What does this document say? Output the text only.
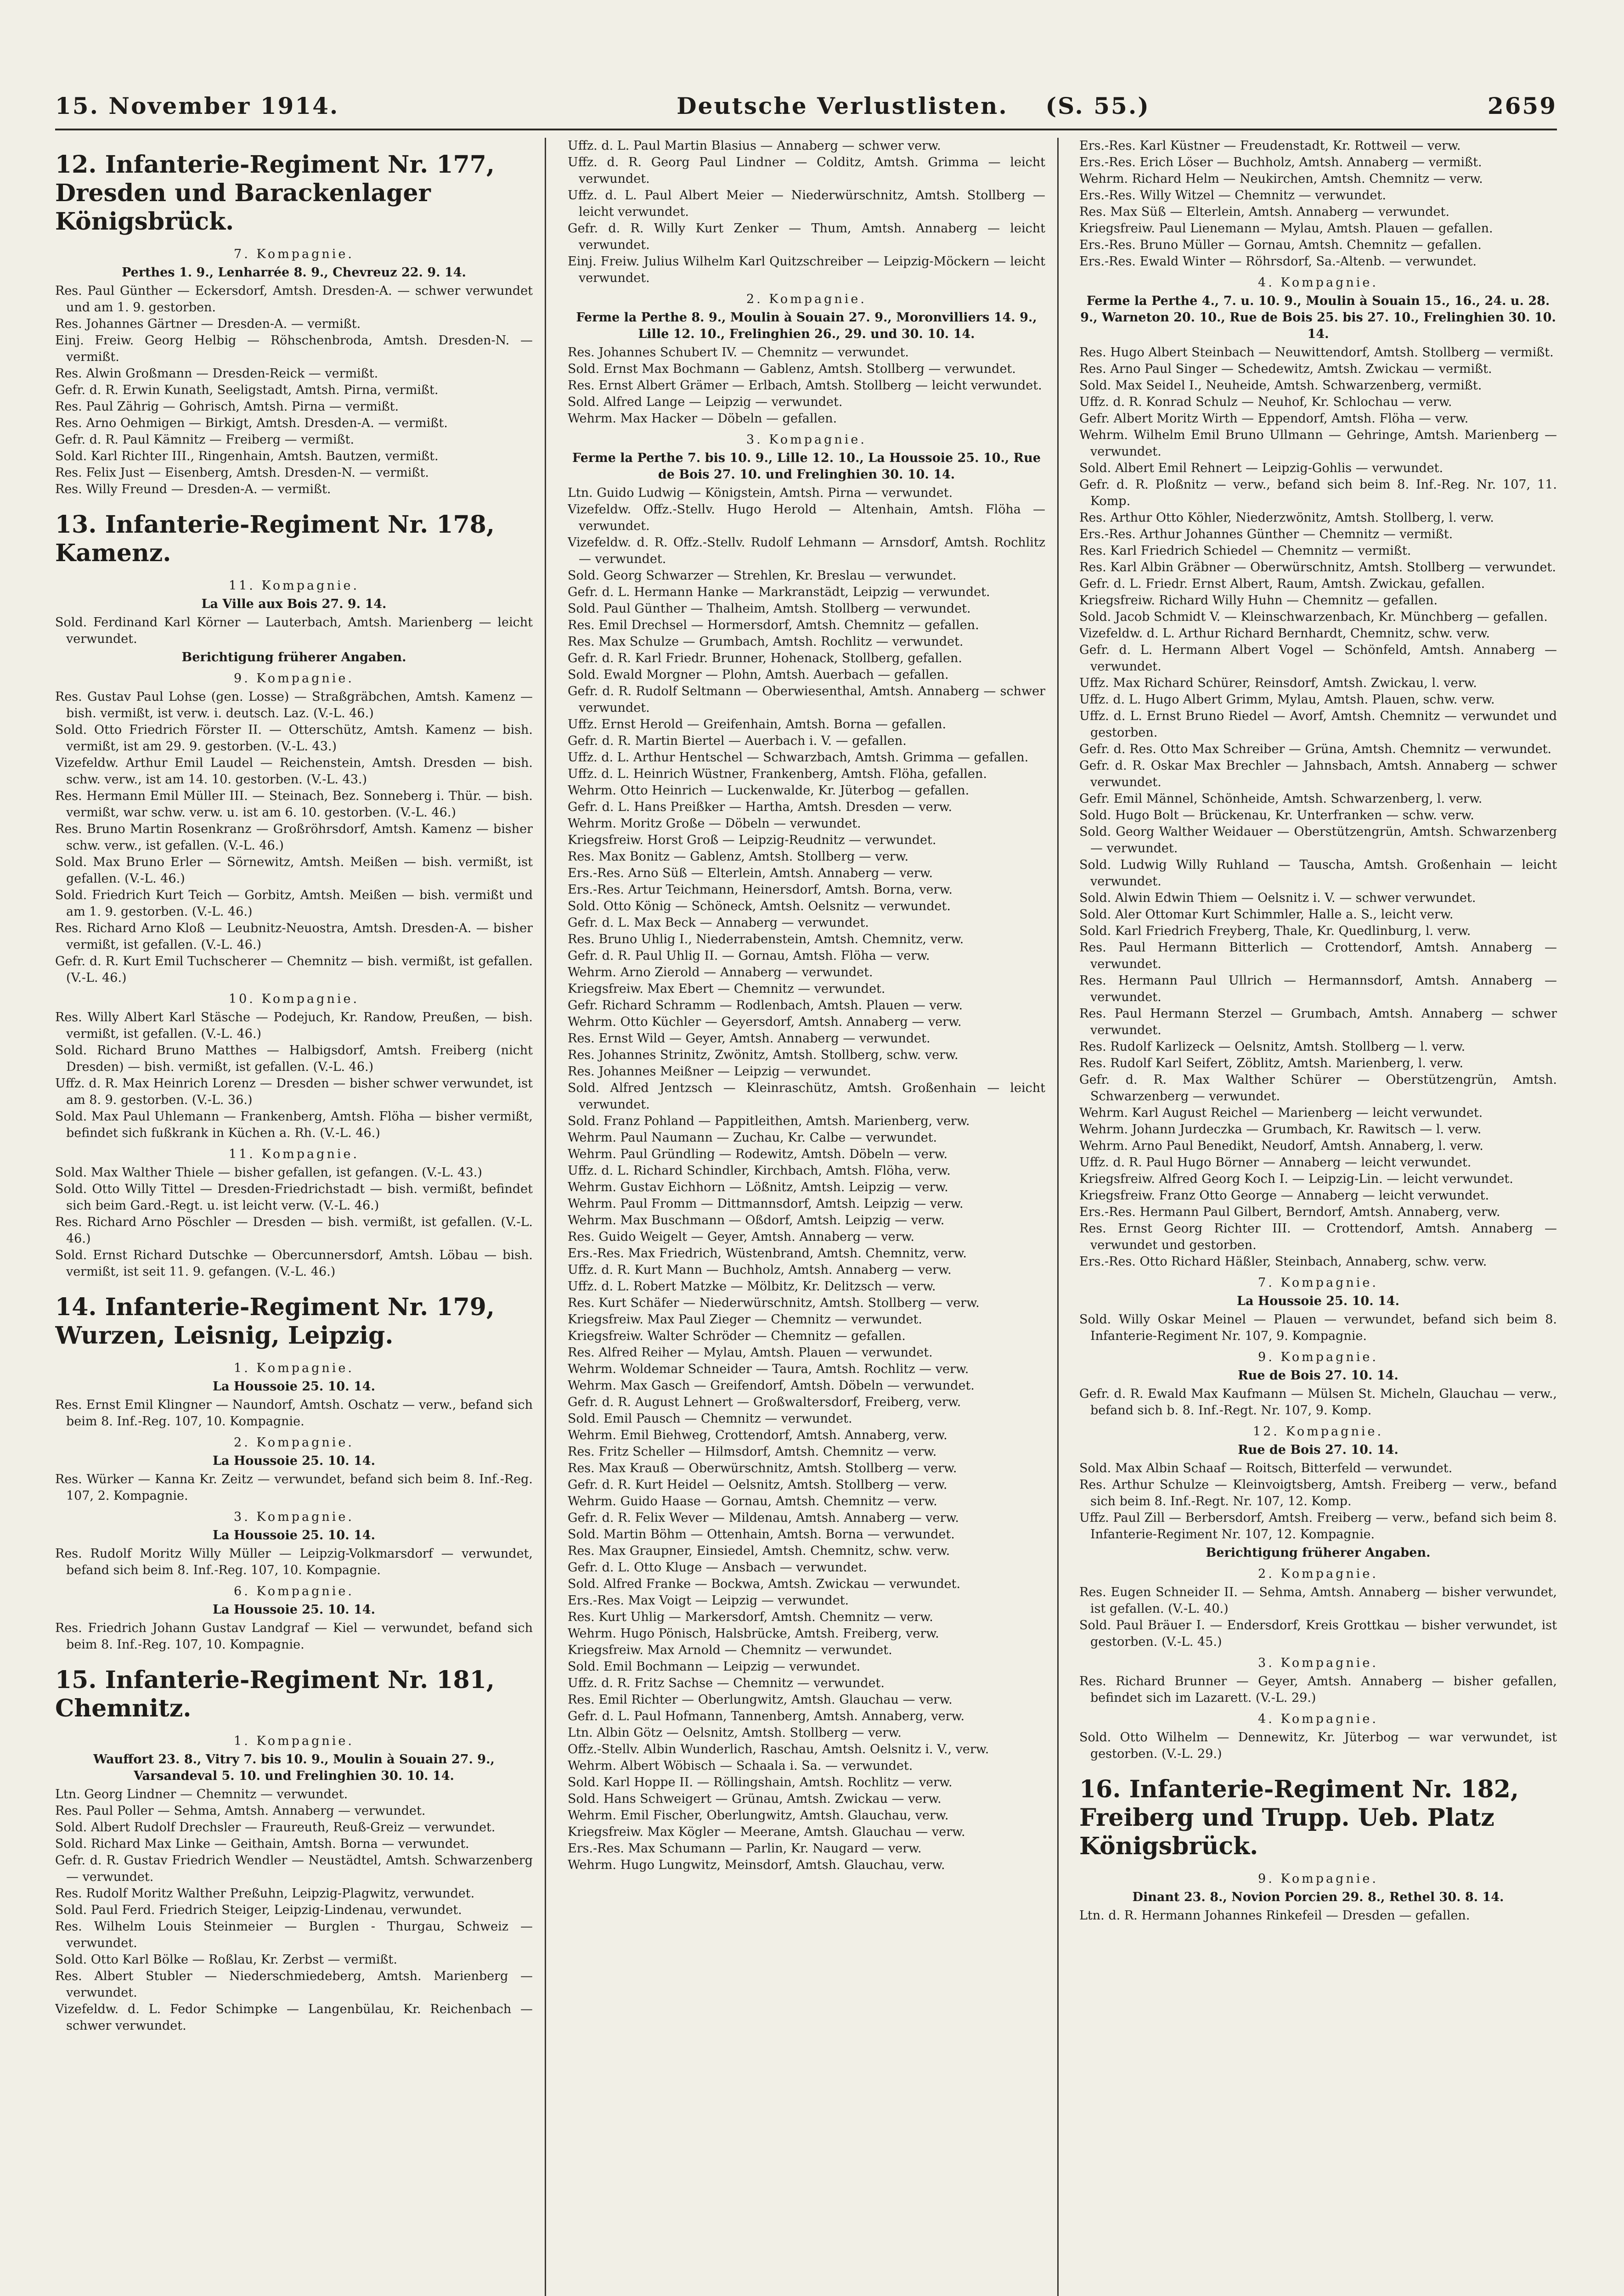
15. November 1914.	Deutsche Verlustlisten. (S. 55.)	2659
12. Infanterie-Regiment Nr. 177, Dresden und Barackenlager Königsbrück.
7. Kompagnie.
Perthes 1. 9., Lenharrée 8. 9., Chevreuz 22. 9. 14.
Res. Paul Günther — Eckersdorf, Amtsh. Dresden-A. — schwer verwundet und am 1. 9. gestorben.
Res. Johannes Gärtner — Dresden-A. — vermißt.
Einj. Freiw. Georg Helbig — Röhschenbroda, Amtsh. Dresden-N. — vermißt.
Res. Alwin Großmann — Dresden-Reick — vermißt.
Gefr. d. R. Erwin Kunath, Seeligstadt, Amtsh. Pirna, vermißt.
Res. Paul Zährig — Gohrisch, Amtsh. Pirna — vermißt.
Res. Arno Oehmigen — Birkigt, Amtsh. Dresden-A. — vermißt.
Gefr. d. R. Paul Kämnitz — Freiberg — vermißt.
Sold. Karl Richter III., Ringenhain, Amtsh. Bautzen, vermißt.
Res. Felix Just — Eisenberg, Amtsh. Dresden-N. — vermißt.
Res. Willy Freund — Dresden-A. — vermißt.
13. Infanterie-Regiment Nr. 178, Kamenz.
11. Kompagnie.
La Ville aux Bois 27. 9. 14.
Sold. Ferdinand Karl Körner — Lauterbach, Amtsh. Marienberg — leicht verwundet.
Berichtigung früherer Angaben.
9. Kompagnie.
Res. Gustav Paul Lohse (gen. Losse) — Straßgräbchen, Amtsh. Kamenz — bish. vermißt, ist verw. i. deutsch. Laz. (V.-L. 46.)
Sold. Otto Friedrich Förster II. — Otterschütz, Amtsh. Kamenz — bish. vermißt, ist am 29. 9. gestorben. (V.-L. 43.)
Vizefeldw. Arthur Emil Laudel — Reichenstein, Amtsh. Dresden — bish. schw. verw., ist am 14. 10. gestorben. (V.-L. 43.)
Res. Hermann Emil Müller III. — Steinach, Bez. Sonneberg i. Thür. — bish. vermißt, war schw. verw. u. ist am 6. 10. gestorben. (V.-L. 46.)
Res. Bruno Martin Rosenkranz — Großröhrsdorf, Amtsh. Kamenz — bisher schw. verw., ist gefallen. (V.-L. 46.)
Sold. Max Bruno Erler — Sörnewitz, Amtsh. Meißen — bish. vermißt, ist gefallen. (V.-L. 46.)
Sold. Friedrich Kurt Teich — Gorbitz, Amtsh. Meißen — bish. vermißt und am 1. 9. gestorben. (V.-L. 46.)
Res. Richard Arno Kloß — Leubnitz-Neuostra, Amtsh. Dresden-A. — bisher vermißt, ist gefallen. (V.-L. 46.)
Gefr. d. R. Kurt Emil Tuchscherer — Chemnitz — bish. vermißt, ist gefallen. (V.-L. 46.)
10. Kompagnie.
Res. Willy Albert Karl Stäsche — Podejuch, Kr. Randow, Preußen, — bish. vermißt, ist gefallen. (V.-L. 46.)
Sold. Richard Bruno Matthes — Halbigsdorf, Amtsh. Freiberg (nicht Dresden) — bish. vermißt, ist gefallen. (V.-L. 46.)
Uffz. d. R. Max Heinrich Lorenz — Dresden — bisher schwer verwundet, ist am 8. 9. gestorben. (V.-L. 36.)
Sold. Max Paul Uhlemann — Frankenberg, Amtsh. Flöha — bisher vermißt, befindet sich fußkrank in Küchen a. Rh. (V.-L. 46.)
11. Kompagnie.
Sold. Max Walther Thiele — bisher gefallen, ist gefangen. (V.-L. 43.)
Sold. Otto Willy Tittel — Dresden-Friedrichstadt — bish. vermißt, befindet sich beim Gard.-Regt. u. ist leicht verw. (V.-L. 46.)
Res. Richard Arno Pöschler — Dresden — bish. vermißt, ist gefallen. (V.-L. 46.)
Sold. Ernst Richard Dutschke — Obercunnersdorf, Amtsh. Löbau — bish. vermißt, ist seit 11. 9. gefangen. (V.-L. 46.)
14. Infanterie-Regiment Nr. 179, Wurzen, Leisnig, Leipzig.
1. Kompagnie.
La Houssoie 25. 10. 14.
Res. Ernst Emil Klingner — Naundorf, Amtsh. Oschatz — verw., befand sich beim 8. Inf.-Reg. 107, 10. Kompagnie.
2. Kompagnie.
La Houssoie 25. 10. 14.
Res. Würker — Kanna Kr. Zeitz — verwundet, befand sich beim 8. Inf.-Reg. 107, 2. Kompagnie.
3. Kompagnie.
La Houssoie 25. 10. 14.
Res. Rudolf Moritz Willy Müller — Leipzig-Volkmarsdorf — verwundet, befand sich beim 8. Inf.-Reg. 107, 10. Kompagnie.
6. Kompagnie.
La Houssoie 25. 10. 14.
Res. Friedrich Johann Gustav Landgraf — Kiel — verwundet, befand sich beim 8. Inf.-Reg. 107, 10. Kompagnie.
15. Infanterie-Regiment Nr. 181, Chemnitz.
1. Kompagnie.
Wauffort 23. 8., Vitry 7. bis 10. 9., Moulin à Souain 27. 9., Varsandeval 5. 10. und Frelinghien 30. 10. 14.
Ltn. Georg Lindner — Chemnitz — verwundet.
Res. Paul Poller — Sehma, Amtsh. Annaberg — verwundet.
Sold. Albert Rudolf Drechsler — Fraureuth, Reuß-Greiz — verwundet.
Sold. Richard Max Linke — Geithain, Amtsh. Borna — verwundet.
Gefr. d. R. Gustav Friedrich Wendler — Neustädtel, Amtsh. Schwarzenberg — verwundet.
Res. Rudolf Moritz Walther Preßuhn, Leipzig-Plagwitz, verwundet.
Sold. Paul Ferd. Friedrich Steiger, Leipzig-Lindenau, verwundet.
Res. Wilhelm Louis Steinmeier — Burglen - Thurgau, Schweiz — verwundet.
Sold. Otto Karl Bölke — Roßlau, Kr. Zerbst — vermißt.
Res. Albert Stubler — Niederschmiedeberg, Amtsh. Marienberg — verwundet.
Vizefeldw. d. L. Fedor Schimpke — Langenbülau, Kr. Reichenbach — schwer verwundet.
Uffz. d. L. Paul Martin Blasius — Annaberg — schwer verw.
Uffz. d. R. Georg Paul Lindner — Colditz, Amtsh. Grimma — leicht verwundet.
Uffz. d. L. Paul Albert Meier — Niederwürschnitz, Amtsh. Stollberg — leicht verwundet.
Gefr. d. R. Willy Kurt Zenker — Thum, Amtsh. Annaberg — leicht verwundet.
Einj. Freiw. Julius Wilhelm Karl Quitzschreiber — Leipzig-Möckern — leicht verwundet.
2. Kompagnie.
Ferme la Perthe 8. 9., Moulin à Souain 27. 9., Moronvilliers 14. 9., Lille 12. 10., Frelinghien 26., 29. und 30. 10. 14.
Res. Johannes Schubert IV. — Chemnitz — verwundet.
Sold. Ernst Max Bochmann — Gablenz, Amtsh. Stollberg — verwundet.
Res. Ernst Albert Grämer — Erlbach, Amtsh. Stollberg — leicht verwundet.
Sold. Alfred Lange — Leipzig — verwundet.
Wehrm. Max Hacker — Döbeln — gefallen.
3. Kompagnie.
Ferme la Perthe 7. bis 10. 9., Lille 12. 10., La Houssoie 25. 10., Rue de Bois 27. 10. und Frelinghien 30. 10. 14.
Ltn. Guido Ludwig — Königstein, Amtsh. Pirna — verwundet.
Vizefeldw. Offz.-Stellv. Hugo Herold — Altenhain, Amtsh. Flöha — verwundet.
Vizefeldw. d. R. Offz.-Stellv. Rudolf Lehmann — Arnsdorf, Amtsh. Rochlitz — verwundet.
Sold. Georg Schwarzer — Strehlen, Kr. Breslau — verwundet.
Gefr. d. L. Hermann Hanke — Markranstädt, Leipzig — verwundet.
Sold. Paul Günther — Thalheim, Amtsh. Stollberg — verwundet.
Res. Emil Drechsel — Hormersdorf, Amtsh. Chemnitz — gefallen.
Res. Max Schulze — Grumbach, Amtsh. Rochlitz — verwundet.
Gefr. d. R. Karl Friedr. Brunner, Hohenack, Stollberg, gefallen.
Sold. Ewald Morgner — Plohn, Amtsh. Auerbach — gefallen.
Gefr. d. R. Rudolf Seltmann — Oberwiesenthal, Amtsh. Annaberg — schwer verwundet.
Uffz. Ernst Herold — Greifenhain, Amtsh. Borna — gefallen.
Gefr. d. R. Martin Biertel — Auerbach i. V. — gefallen.
Uffz. d. L. Arthur Hentschel — Schwarzbach, Amtsh. Grimma — gefallen.
Uffz. d. L. Heinrich Wüstner, Frankenberg, Amtsh. Flöha, gefallen.
Wehrm. Otto Heinrich — Luckenwalde, Kr. Jüterbog — gefallen.
Gefr. d. L. Hans Preißker — Hartha, Amtsh. Dresden — verw.
Wehrm. Moritz Große — Döbeln — verwundet.
Kriegsfreiw. Horst Groß — Leipzig-Reudnitz — verwundet.
Res. Max Bonitz — Gablenz, Amtsh. Stollberg — verw.
Ers.-Res. Arno Süß — Elterlein, Amtsh. Annaberg — verw.
Ers.-Res. Artur Teichmann, Heinersdorf, Amtsh. Borna, verw.
Sold. Otto König — Schöneck, Amtsh. Oelsnitz — verwundet.
Gefr. d. L. Max Beck — Annaberg — verwundet.
Res. Bruno Uhlig I., Niederrabenstein, Amtsh. Chemnitz, verw.
Gefr. d. R. Paul Uhlig II. — Gornau, Amtsh. Flöha — verw.
Wehrm. Arno Zierold — Annaberg — verwundet.
Kriegsfreiw. Max Ebert — Chemnitz — verwundet.
Gefr. Richard Schramm — Rodlenbach, Amtsh. Plauen — verw.
Wehrm. Otto Küchler — Geyersdorf, Amtsh. Annaberg — verw.
Res. Ernst Wild — Geyer, Amtsh. Annaberg — verwundet.
Res. Johannes Strinitz, Zwönitz, Amtsh. Stollberg, schw. verw.
Res. Johannes Meißner — Leipzig — verwundet.
Sold. Alfred Jentzsch — Kleinraschütz, Amtsh. Großenhain — leicht verwundet.
Sold. Franz Pohland — Pappitleithen, Amtsh. Marienberg, verw.
Wehrm. Paul Naumann — Zuchau, Kr. Calbe — verwundet.
Wehrm. Paul Gründling — Rodewitz, Amtsh. Döbeln — verw.
Uffz. d. L. Richard Schindler, Kirchbach, Amtsh. Flöha, verw.
Wehrm. Gustav Eichhorn — Lößnitz, Amtsh. Leipzig — verw.
Wehrm. Paul Fromm — Dittmannsdorf, Amtsh. Leipzig — verw.
Wehrm. Max Buschmann — Oßdorf, Amtsh. Leipzig — verw.
Res. Guido Weigelt — Geyer, Amtsh. Annaberg — verw.
Ers.-Res. Max Friedrich, Wüstenbrand, Amtsh. Chemnitz, verw.
Uffz. d. R. Kurt Mann — Buchholz, Amtsh. Annaberg — verw.
Uffz. d. L. Robert Matzke — Mölbitz, Kr. Delitzsch — verw.
Res. Kurt Schäfer — Niederwürschnitz, Amtsh. Stollberg — verw.
Kriegsfreiw. Max Paul Zieger — Chemnitz — verwundet.
Kriegsfreiw. Walter Schröder — Chemnitz — gefallen.
Res. Alfred Reiher — Mylau, Amtsh. Plauen — verwundet.
Wehrm. Woldemar Schneider — Taura, Amtsh. Rochlitz — verw.
Wehrm. Max Gasch — Greifendorf, Amtsh. Döbeln — verwundet.
Gefr. d. R. August Lehnert — Großwaltersdorf, Freiberg, verw.
Sold. Emil Pausch — Chemnitz — verwundet.
Wehrm. Emil Biehweg, Crottendorf, Amtsh. Annaberg, verw.
Res. Fritz Scheller — Hilmsdorf, Amtsh. Chemnitz — verw.
Res. Max Krauß — Oberwürschnitz, Amtsh. Stollberg — verw.
Gefr. d. R. Kurt Heidel — Oelsnitz, Amtsh. Stollberg — verw.
Wehrm. Guido Haase — Gornau, Amtsh. Chemnitz — verw.
Gefr. d. R. Felix Wever — Mildenau, Amtsh. Annaberg — verw.
Sold. Martin Böhm — Ottenhain, Amtsh. Borna — verwundet.
Res. Max Graupner, Einsiedel, Amtsh. Chemnitz, schw. verw.
Gefr. d. L. Otto Kluge — Ansbach — verwundet.
Sold. Alfred Franke — Bockwa, Amtsh. Zwickau — verwundet.
Ers.-Res. Max Voigt — Leipzig — verwundet.
Res. Kurt Uhlig — Markersdorf, Amtsh. Chemnitz — verw.
Wehrm. Hugo Pönisch, Halsbrücke, Amtsh. Freiberg, verw.
Kriegsfreiw. Max Arnold — Chemnitz — verwundet.
Sold. Emil Bochmann — Leipzig — verwundet.
Uffz. d. R. Fritz Sachse — Chemnitz — verwundet.
Res. Emil Richter — Oberlungwitz, Amtsh. Glauchau — verw.
Gefr. d. L. Paul Hofmann, Tannenberg, Amtsh. Annaberg, verw.
Ltn. Albin Götz — Oelsnitz, Amtsh. Stollberg — verw.
Offz.-Stellv. Albin Wunderlich, Raschau, Amtsh. Oelsnitz i. V., verw.
Wehrm. Albert Wöbisch — Schaala i. Sa. — verwundet.
Sold. Karl Hoppe II. — Röllingshain, Amtsh. Rochlitz — verw.
Sold. Hans Schweigert — Grünau, Amtsh. Zwickau — verw.
Wehrm. Emil Fischer, Oberlungwitz, Amtsh. Glauchau, verw.
Kriegsfreiw. Max Kögler — Meerane, Amtsh. Glauchau — verw.
Ers.-Res. Max Schumann — Parlin, Kr. Naugard — verw.
Wehrm. Hugo Lungwitz, Meinsdorf, Amtsh. Glauchau, verw.
Ers.-Res. Karl Küstner — Freudenstadt, Kr. Rottweil — verw.
Ers.-Res. Erich Löser — Buchholz, Amtsh. Annaberg — vermißt.
Wehrm. Richard Helm — Neukirchen, Amtsh. Chemnitz — verw.
Ers.-Res. Willy Witzel — Chemnitz — verwundet.
Res. Max Süß — Elterlein, Amtsh. Annaberg — verwundet.
Kriegsfreiw. Paul Lienemann — Mylau, Amtsh. Plauen — gefallen.
Ers.-Res. Bruno Müller — Gornau, Amtsh. Chemnitz — gefallen.
Ers.-Res. Ewald Winter — Röhrsdorf, Sa.-Altenb. — verwundet.
4. Kompagnie.
Ferme la Perthe 4., 7. u. 10. 9., Moulin à Souain 15., 16., 24. u. 28. 9., Warneton 20. 10., Rue de Bois 25. bis 27. 10., Frelinghien 30. 10. 14.
Res. Hugo Albert Steinbach — Neuwittendorf, Amtsh. Stollberg — vermißt.
Res. Arno Paul Singer — Schedewitz, Amtsh. Zwickau — vermißt.
Sold. Max Seidel I., Neuheide, Amtsh. Schwarzenberg, vermißt.
Uffz. d. R. Konrad Schulz — Neuhof, Kr. Schlochau — verw.
Gefr. Albert Moritz Wirth — Eppendorf, Amtsh. Flöha — verw.
Wehrm. Wilhelm Emil Bruno Ullmann — Gehringe, Amtsh. Marienberg — verwundet.
Sold. Albert Emil Rehnert — Leipzig-Gohlis — verwundet.
Gefr. d. R. Ploßnitz — verw., befand sich beim 8. Inf.-Reg. Nr. 107, 11. Komp.
Res. Arthur Otto Köhler, Niederzwönitz, Amtsh. Stollberg, l. verw.
Ers.-Res. Arthur Johannes Günther — Chemnitz — vermißt.
Res. Karl Friedrich Schiedel — Chemnitz — vermißt.
Res. Karl Albin Gräbner — Oberwürschnitz, Amtsh. Stollberg — verwundet.
Gefr. d. L. Friedr. Ernst Albert, Raum, Amtsh. Zwickau, gefallen.
Kriegsfreiw. Richard Willy Huhn — Chemnitz — gefallen.
Sold. Jacob Schmidt V. — Kleinschwarzenbach, Kr. Münchberg — gefallen.
Vizefeldw. d. L. Arthur Richard Bernhardt, Chemnitz, schw. verw.
Gefr. d. L. Hermann Albert Vogel — Schönfeld, Amtsh. Annaberg — verwundet.
Uffz. Max Richard Schürer, Reinsdorf, Amtsh. Zwickau, l. verw.
Uffz. d. L. Hugo Albert Grimm, Mylau, Amtsh. Plauen, schw. verw.
Uffz. d. L. Ernst Bruno Riedel — Avorf, Amtsh. Chemnitz — verwundet und gestorben.
Gefr. d. Res. Otto Max Schreiber — Grüna, Amtsh. Chemnitz — verwundet.
Gefr. d. R. Oskar Max Brechler — Jahnsbach, Amtsh. Annaberg — schwer verwundet.
Gefr. Emil Männel, Schönheide, Amtsh. Schwarzenberg, l. verw.
Sold. Hugo Bolt — Brückenau, Kr. Unterfranken — schw. verw.
Sold. Georg Walther Weidauer — Oberstützengrün, Amtsh. Schwarzenberg — verwundet.
Sold. Ludwig Willy Ruhland — Tauscha, Amtsh. Großenhain — leicht verwundet.
Sold. Alwin Edwin Thiem — Oelsnitz i. V. — schwer verwundet.
Sold. Aler Ottomar Kurt Schimmler, Halle a. S., leicht verw.
Sold. Karl Friedrich Freyberg, Thale, Kr. Quedlinburg, l. verw.
Res. Paul Hermann Bitterlich — Crottendorf, Amtsh. Annaberg — verwundet.
Res. Hermann Paul Ullrich — Hermannsdorf, Amtsh. Annaberg — verwundet.
Res. Paul Hermann Sterzel — Grumbach, Amtsh. Annaberg — schwer verwundet.
Res. Rudolf Karlizeck — Oelsnitz, Amtsh. Stollberg — l. verw.
Res. Rudolf Karl Seifert, Zöblitz, Amtsh. Marienberg, l. verw.
Gefr. d. R. Max Walther Schürer — Oberstützengrün, Amtsh. Schwarzenberg — verwundet.
Wehrm. Karl August Reichel — Marienberg — leicht verwundet.
Wehrm. Johann Jurdeczka — Grumbach, Kr. Rawitsch — l. verw.
Wehrm. Arno Paul Benedikt, Neudorf, Amtsh. Annaberg, l. verw.
Uffz. d. R. Paul Hugo Börner — Annaberg — leicht verwundet.
Kriegsfreiw. Alfred Georg Koch I. — Leipzig-Lin. — leicht verwundet.
Kriegsfreiw. Franz Otto George — Annaberg — leicht verwundet.
Ers.-Res. Hermann Paul Gilbert, Berndorf, Amtsh. Annaberg, verw.
Res. Ernst Georg Richter III. — Crottendorf, Amtsh. Annaberg — verwundet und gestorben.
Ers.-Res. Otto Richard Häßler, Steinbach, Annaberg, schw. verw.
7. Kompagnie.
La Houssoie 25. 10. 14.
Sold. Willy Oskar Meinel — Plauen — verwundet, befand sich beim 8. Infanterie-Regiment Nr. 107, 9. Kompagnie.
9. Kompagnie.
Rue de Bois 27. 10. 14.
Gefr. d. R. Ewald Max Kaufmann — Mülsen St. Micheln, Glauchau — verw., befand sich b. 8. Inf.-Regt. Nr. 107, 9. Komp.
12. Kompagnie.
Rue de Bois 27. 10. 14.
Sold. Max Albin Schaaf — Roitsch, Bitterfeld — verwundet.
Res. Arthur Schulze — Kleinvoigtsberg, Amtsh. Freiberg — verw., befand sich beim 8. Inf.-Regt. Nr. 107, 12. Komp.
Uffz. Paul Zill — Berbersdorf, Amtsh. Freiberg — verw., befand sich beim 8. Infanterie-Regiment Nr. 107, 12. Kompagnie.
Berichtigung früherer Angaben.
2. Kompagnie.
Res. Eugen Schneider II. — Sehma, Amtsh. Annaberg — bisher verwundet, ist gefallen. (V.-L. 40.)
Sold. Paul Bräuer I. — Endersdorf, Kreis Grottkau — bisher verwundet, ist gestorben. (V.-L. 45.)
3. Kompagnie.
Res. Richard Brunner — Geyer, Amtsh. Annaberg — bisher gefallen, befindet sich im Lazarett. (V.-L. 29.)
4. Kompagnie.
Sold. Otto Wilhelm — Dennewitz, Kr. Jüterbog — war verwundet, ist gestorben. (V.-L. 29.)
16. Infanterie-Regiment Nr. 182, Freiberg und Trupp. Ueb. Platz Königsbrück.
9. Kompagnie.
Dinant 23. 8., Novion Porcien 29. 8., Rethel 30. 8. 14.
Ltn. d. R. Hermann Johannes Rinkefeil — Dresden — gefallen.
